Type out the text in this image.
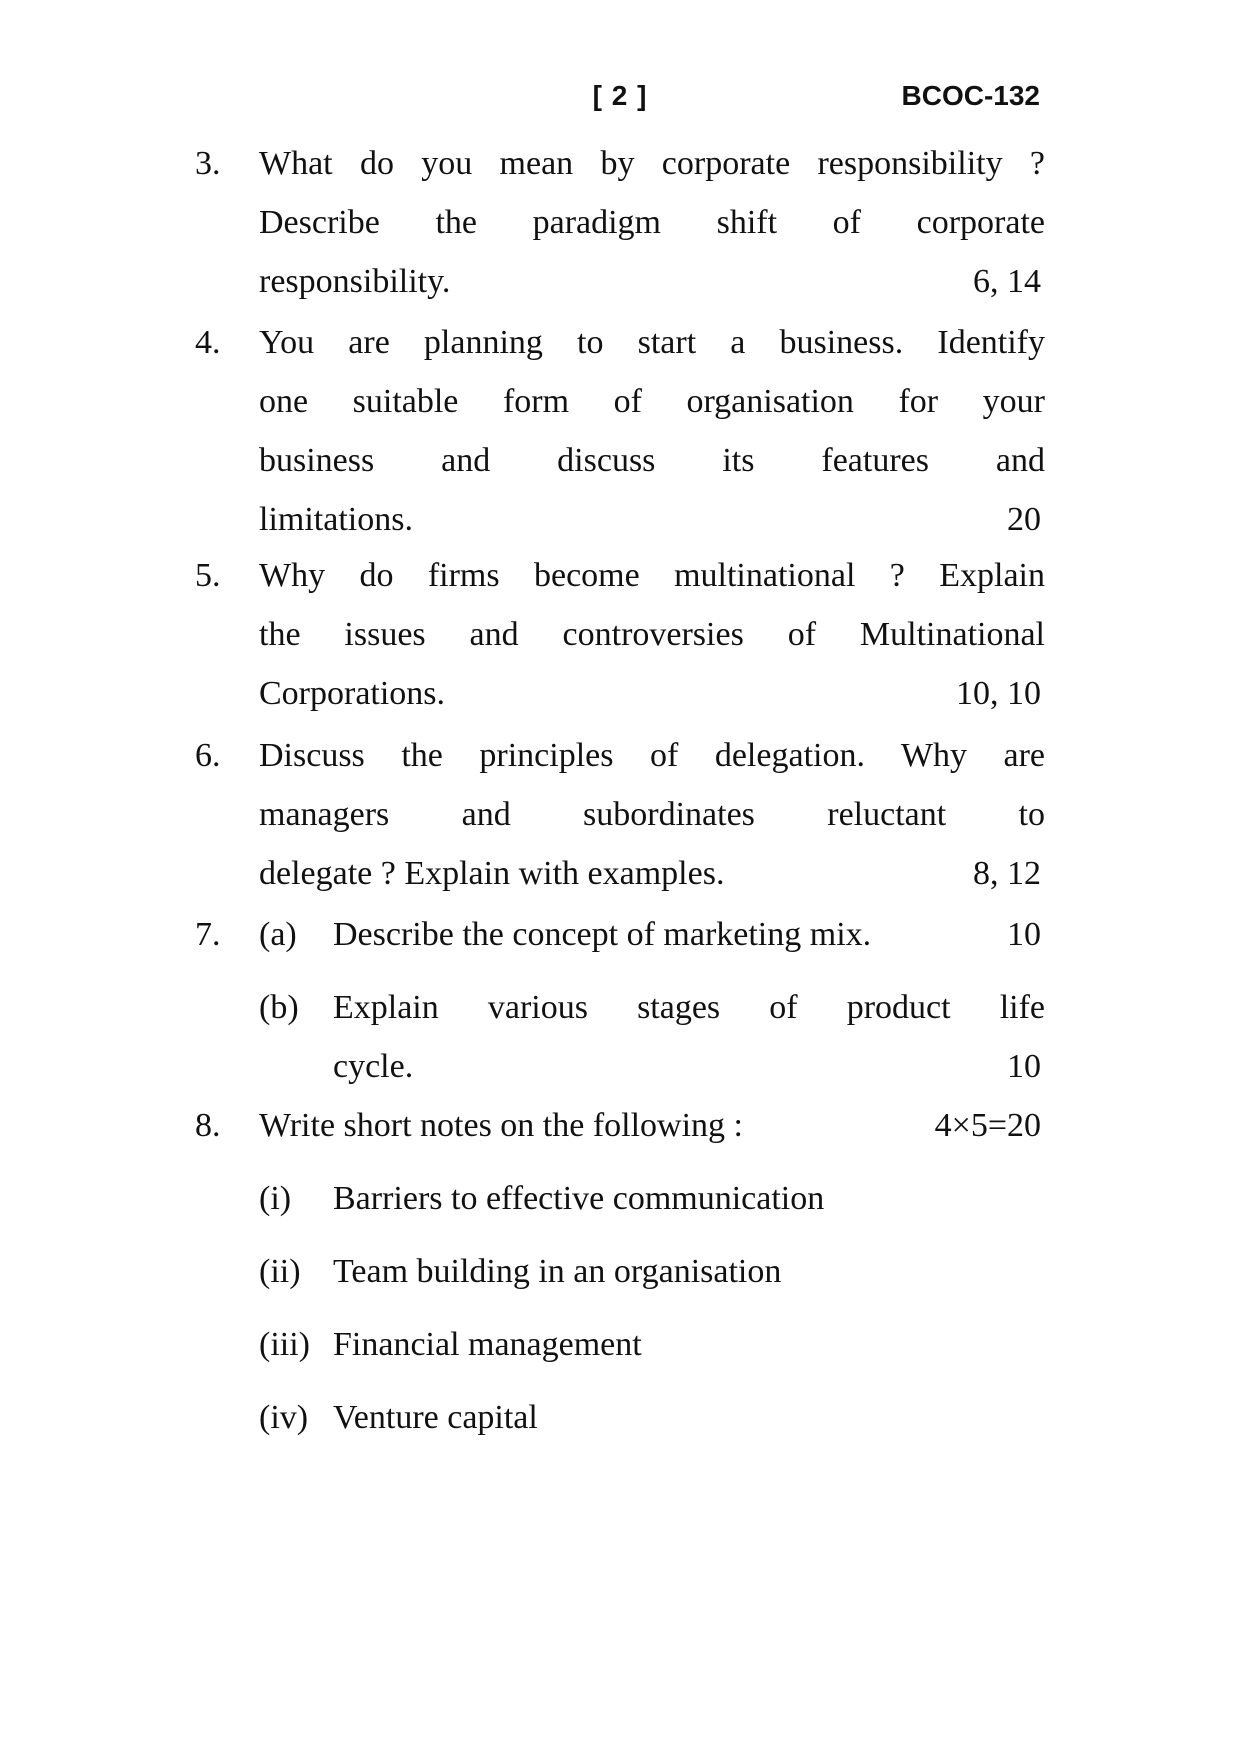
[ 2 ]	BCOC-132
3. What do you mean by corporate responsibility ?
Describe the paradigm shift of corporate
responsibility.	6, 14
4. You are planning to start a business. Identify
one suitable form of organisation for your
business and discuss its features and
limitations.	20
5. Why do firms become multinational ? Explain
the issues and controversies of Multinational
Corporations.	10, 10
6. Discuss the principles of delegation. Why are
managers and subordinates reluctant to
delegate ? Explain with examples.	8, 12
7. (a) Describe the concept of marketing mix.	10
(b) Explain various stages of product life
cycle.	10
8. Write short notes on the following :	4×5=20
(i) Barriers to effective communication
(ii) Team building in an organisation
(iii) Financial management
(iv) Venture capital
